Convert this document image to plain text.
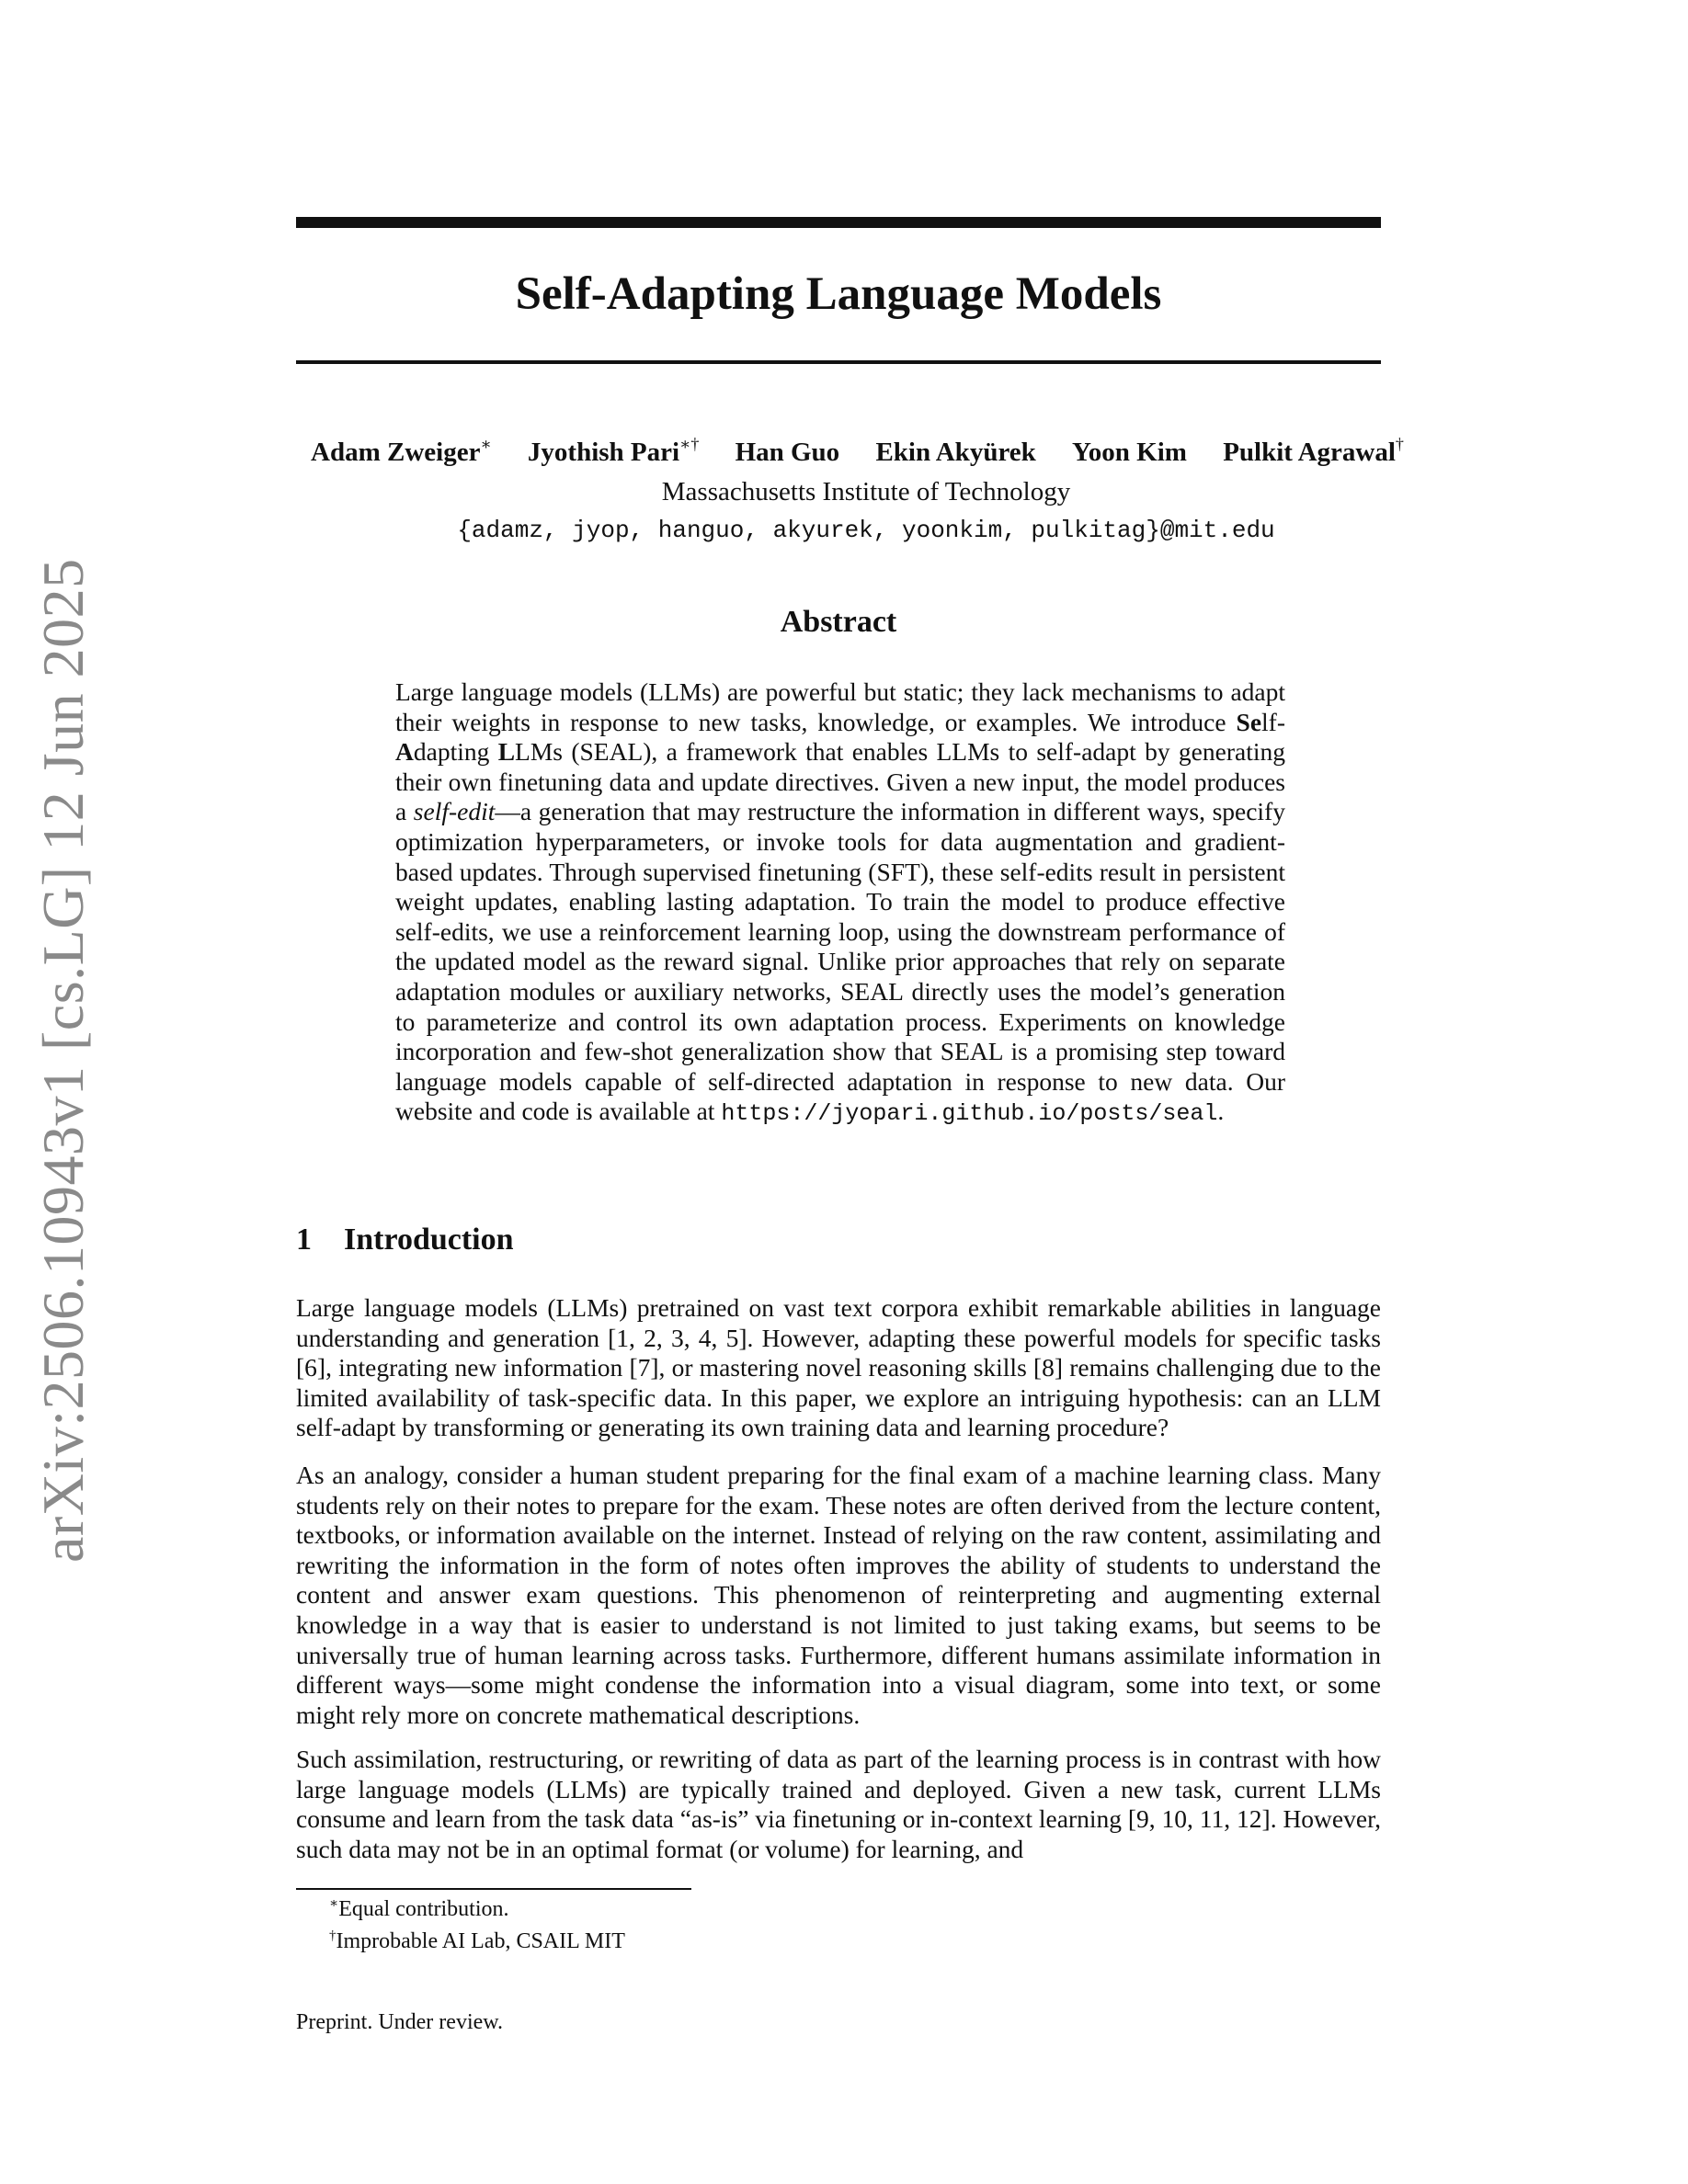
arXiv:2506.10943v1 [cs.LG] 12 Jun 2025
Self-Adapting Language Models
Adam Zweiger∗ Jyothish Pari∗† Han Guo Ekin Akyürek Yoon Kim Pulkit Agrawal†
Massachusetts Institute of Technology
{adamz, jyop, hanguo, akyurek, yoonkim, pulkitag}@mit.edu
Abstract

Large language models (LLMs) are powerful but static; they lack mechanisms to adapt their weights in response to new tasks, knowledge, or examples. We introduce Self-Adapting LLMs (SEAL), a framework that enables LLMs to self-adapt by generating their own finetuning data and update directives. Given a new input, the model produces a self-edit—a generation that may restructure the information in different ways, specify optimization hyperparameters, or invoke tools for data augmentation and gradient-based updates. Through supervised finetuning (SFT), these self-edits result in persistent weight updates, enabling lasting adaptation. To train the model to produce effective self-edits, we use a reinforcement learning loop, using the downstream performance of the updated model as the reward signal. Unlike prior approaches that rely on separate adaptation modules or auxiliary networks, SEAL directly uses the model’s generation to parameterize and control its own adaptation process. Experiments on knowledge incorporation and few-shot generalization show that SEAL is a promising step toward language models capable of self-directed adaptation in response to new data. Our website and code is available at https://jyopari.github.io/posts/seal.

1 Introduction

Large language models (LLMs) pretrained on vast text corpora exhibit remarkable abilities in language understanding and generation [1, 2, 3, 4, 5]. However, adapting these powerful models for specific tasks [6], integrating new information [7], or mastering novel reasoning skills [8] remains challenging due to the limited availability of task-specific data. In this paper, we explore an intriguing hypothesis: can an LLM self-adapt by transforming or generating its own training data and learning procedure?

As an analogy, consider a human student preparing for the final exam of a machine learning class. Many students rely on their notes to prepare for the exam. These notes are often derived from the lecture content, textbooks, or information available on the internet. Instead of relying on the raw content, assimilating and rewriting the information in the form of notes often improves the ability of students to understand the content and answer exam questions. This phenomenon of reinterpreting and augmenting external knowledge in a way that is easier to understand is not limited to just taking exams, but seems to be universally true of human learning across tasks. Furthermore, different humans assimilate information in different ways—some might condense the information into a visual diagram, some into text, or some might rely more on concrete mathematical descriptions.

Such assimilation, restructuring, or rewriting of data as part of the learning process is in contrast with how large language models (LLMs) are typically trained and deployed. Given a new task, current LLMs consume and learn from the task data “as-is” via finetuning or in-context learning [9, 10, 11, 12]. However, such data may not be in an optimal format (or volume) for learning, and

∗Equal contribution.

†Improbable AI Lab, CSAIL MIT

Preprint. Under review.
